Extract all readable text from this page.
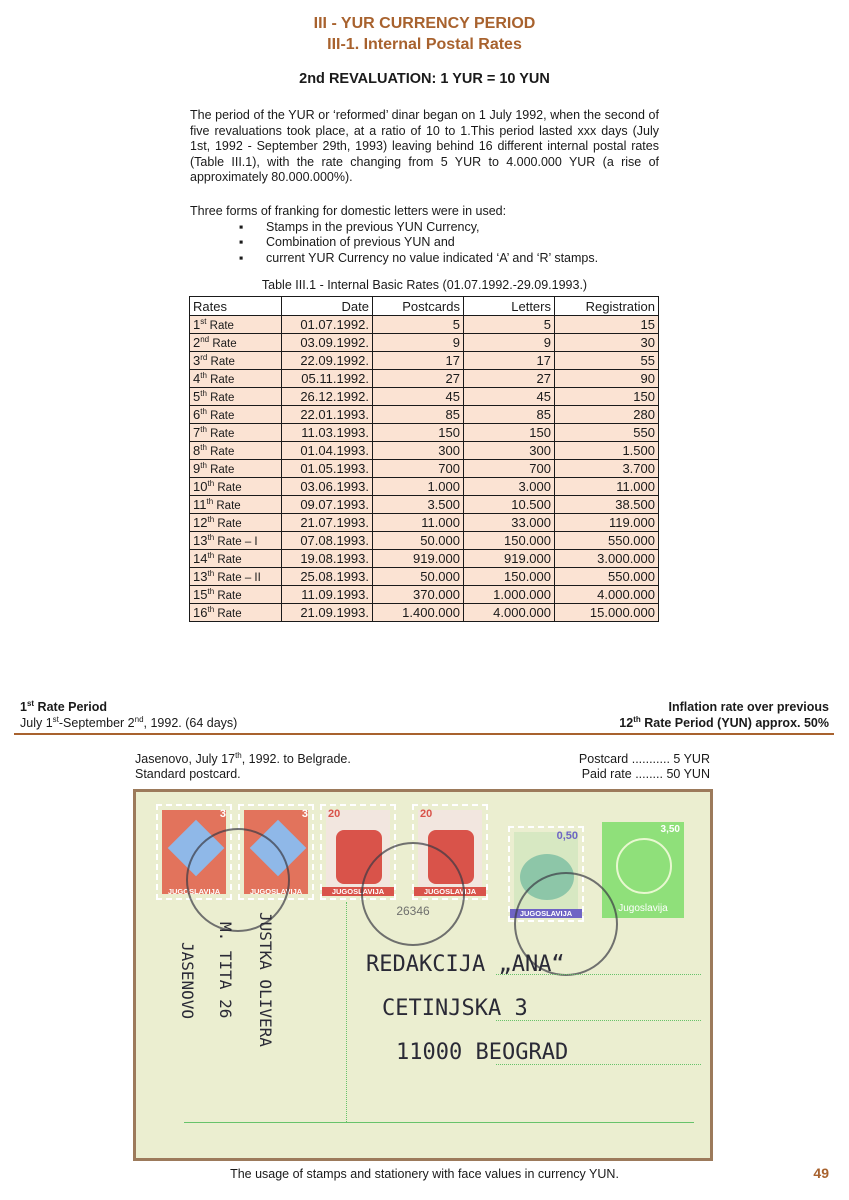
III - YUR CURRENCY PERIOD
III-1. Internal Postal Rates
2nd REVALUATION: 1 YUR = 10 YUN
The period of the YUR or ‘reformed’ dinar began on 1 July 1992, when the second of five revaluations took place, at a ratio of 10 to 1.This period lasted xxx days (July 1st, 1992 - September 29th, 1993) leaving behind 16 different internal postal rates (Table III.1), with the rate changing from 5 YUR to 4.000.000 YUR (a rise of approximately 80.000.000%).
Three forms of franking for domestic letters were in used:
▪ Stamps in the previous YUN Currency,
▪ Combination of previous YUN and
▪ current YUR Currency no value indicated ‘A’ and ‘R’ stamps.
Table III.1 - Internal Basic Rates (01.07.1992.-29.09.1993.)
Rates	Date	Postcards	Letters	Registration
1st Rate	01.07.1992.	5	5	15
2nd Rate	03.09.1992.	9	9	30
3rd Rate	22.09.1992.	17	17	55
4th Rate	05.11.1992.	27	27	90
5th Rate	26.12.1992.	45	45	150
6th Rate	22.01.1993.	85	85	280
7th Rate	11.03.1993.	150	150	550
8th Rate	01.04.1993.	300	300	1.500
9th Rate	01.05.1993.	700	700	3.700
10th Rate	03.06.1993.	1.000	3.000	11.000
11th Rate	09.07.1993.	3.500	10.500	38.500
12th Rate	21.07.1993.	11.000	33.000	119.000
13th Rate – I	07.08.1993.	50.000	150.000	550.000
14th Rate	19.08.1993.	919.000	919.000	3.000.000
13th Rate – II	25.08.1993.	50.000	150.000	550.000
15th Rate	11.09.1993.	370.000	1.000.000	4.000.000
16th Rate	21.09.1993.	1.400.000	4.000.000	15.000.000
1st Rate Period
July 1st-September 2nd, 1992. (64 days)
Inflation rate over previous
12th Rate Period (YUN) approx. 50%
Jasenovo, July 17th, 1992. to Belgrade.
Standard postcard.
Postcard ........... 5 YUR
Paid rate ........ 50 YUN
3
JUGOSLAVIJA
3
JUGOSLAVIJA
20
JUGOSLAVIJA
20
JUGOSLAVIJA
0,50
JUGOSLAVIJA
3,50
Jugoslavija
26346
REDAKCIJA „ANA“
CETINJSKA 3
11000 BEOGRAD
JUSTKA OLIVERA
M. TITA 26
JASENOVO
The usage of stamps and stationery with face values in currency YUN.	49
